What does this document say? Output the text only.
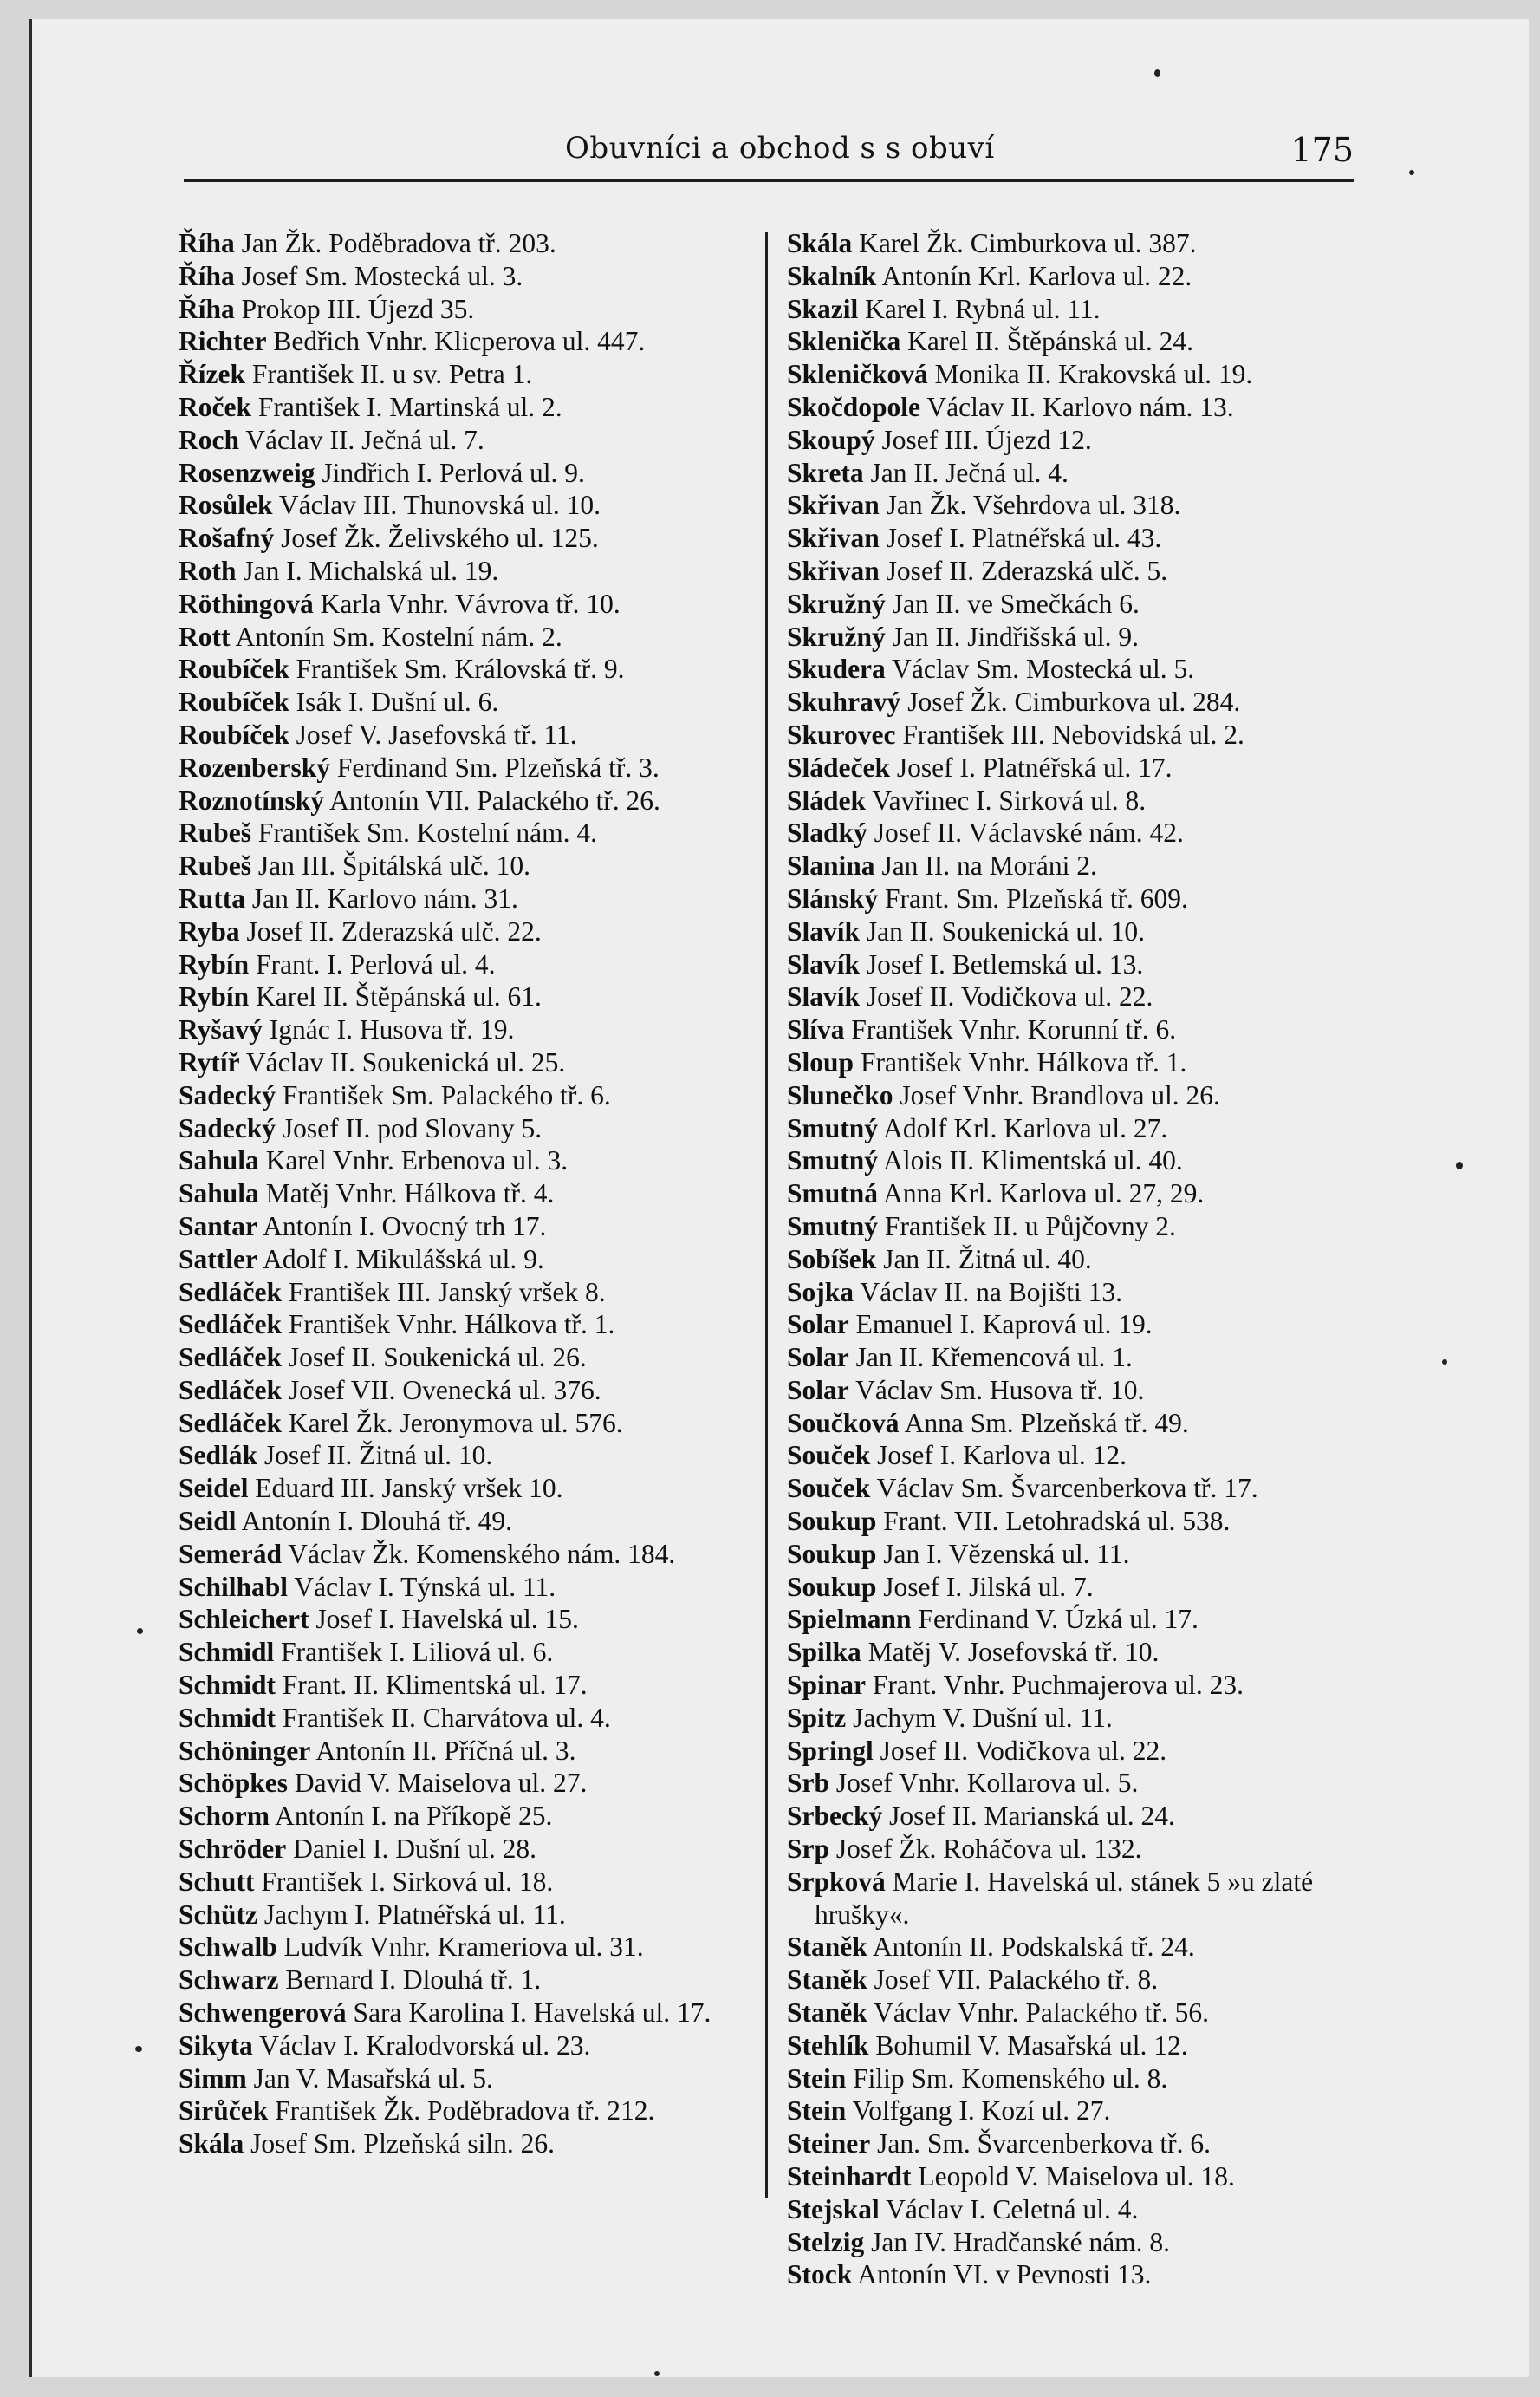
Obuvníci a obchod s s obuví	175
Říha Jan Žk. Poděbradova tř. 203.
Říha Josef Sm. Mostecká ul. 3.
Říha Prokop III. Újezd 35.
Richter Bedřich Vnhr. Klicperova ul. 447.
Řízek František II. u sv. Petra 1.
Roček František I. Martinská ul. 2.
Roch Václav II. Ječná ul. 7.
Rosenzweig Jindřich I. Perlová ul. 9.
Rosůlek Václav III. Thunovská ul. 10.
Rošafný Josef Žk. Želivského ul. 125.
Roth Jan I. Michalská ul. 19.
Röthingová Karla Vnhr. Vávrova tř. 10.
Rott Antonín Sm. Kostelní nám. 2.
Roubíček František Sm. Královská tř. 9.
Roubíček Isák I. Dušní ul. 6.
Roubíček Josef V. Jasefovská tř. 11.
Rozenberský Ferdinand Sm. Plzeňská tř. 3.
Roznotínský Antonín VII. Palackého tř. 26.
Rubeš František Sm. Kostelní nám. 4.
Rubeš Jan III. Špitálská ulč. 10.
Rutta Jan II. Karlovo nám. 31.
Ryba Josef II. Zderazská ulč. 22.
Rybín Frant. I. Perlová ul. 4.
Rybín Karel II. Štěpánská ul. 61.
Ryšavý Ignác I. Husova tř. 19.
Rytíř Václav II. Soukenická ul. 25.
Sadecký František Sm. Palackého tř. 6.
Sadecký Josef II. pod Slovany 5.
Sahula Karel Vnhr. Erbenova ul. 3.
Sahula Matěj Vnhr. Hálkova tř. 4.
Santar Antonín I. Ovocný trh 17.
Sattler Adolf I. Mikulášská ul. 9.
Sedláček František III. Janský vršek 8.
Sedláček František Vnhr. Hálkova tř. 1.
Sedláček Josef II. Soukenická ul. 26.
Sedláček Josef VII. Ovenecká ul. 376.
Sedláček Karel Žk. Jeronymova ul. 576.
Sedlák Josef II. Žitná ul. 10.
Seidel Eduard III. Janský vršek 10.
Seidl Antonín I. Dlouhá tř. 49.
Semerád Václav Žk. Komenského nám. 184.
Schilhabl Václav I. Týnská ul. 11.
Schleichert Josef I. Havelská ul. 15.
Schmidl František I. Liliová ul. 6.
Schmidt Frant. II. Klimentská ul. 17.
Schmidt František II. Charvátova ul. 4.
Schöninger Antonín II. Příčná ul. 3.
Schöpkes David V. Maiselova ul. 27.
Schorm Antonín I. na Příkopě 25.
Schröder Daniel I. Dušní ul. 28.
Schutt František I. Sirková ul. 18.
Schütz Jachym I. Platnéřská ul. 11.
Schwalb Ludvík Vnhr. Krameriova ul. 31.
Schwarz Bernard I. Dlouhá tř. 1.
Schwengerová Sara Karolina I. Havelská ul. 17.
Sikyta Václav I. Kralodvorská ul. 23.
Simm Jan V. Masařská ul. 5.
Sirůček František Žk. Poděbradova tř. 212.
Skála Josef Sm. Plzeňská siln. 26.
Skála Karel Žk. Cimburkova ul. 387.
Skalník Antonín Krl. Karlova ul. 22.
Skazil Karel I. Rybná ul. 11.
Sklenička Karel II. Štěpánská ul. 24.
Skleničková Monika II. Krakovská ul. 19.
Skočdopole Václav II. Karlovo nám. 13.
Skoupý Josef III. Újezd 12.
Skreta Jan II. Ječná ul. 4.
Skřivan Jan Žk. Všehrdova ul. 318.
Skřivan Josef I. Platnéřská ul. 43.
Skřivan Josef II. Zderazská ulč. 5.
Skružný Jan II. ve Smečkách 6.
Skružný Jan II. Jindřišská ul. 9.
Skudera Václav Sm. Mostecká ul. 5.
Skuhravý Josef Žk. Cimburkova ul. 284.
Skurovec František III. Nebovidská ul. 2.
Sládeček Josef I. Platnéřská ul. 17.
Sládek Vavřinec I. Sirková ul. 8.
Sladký Josef II. Václavské nám. 42.
Slanina Jan II. na Moráni 2.
Slánský Frant. Sm. Plzeňská tř. 609.
Slavík Jan II. Soukenická ul. 10.
Slavík Josef I. Betlemská ul. 13.
Slavík Josef II. Vodičkova ul. 22.
Slíva František Vnhr. Korunní tř. 6.
Sloup František Vnhr. Hálkova tř. 1.
Slunečko Josef Vnhr. Brandlova ul. 26.
Smutný Adolf Krl. Karlova ul. 27.
Smutný Alois II. Klimentská ul. 40.
Smutná Anna Krl. Karlova ul. 27, 29.
Smutný František II. u Půjčovny 2.
Sobíšek Jan II. Žitná ul. 40.
Sojka Václav II. na Bojišti 13.
Solar Emanuel I. Kaprová ul. 19.
Solar Jan II. Křemencová ul. 1.
Solar Václav Sm. Husova tř. 10.
Součková Anna Sm. Plzeňská tř. 49.
Souček Josef I. Karlova ul. 12.
Souček Václav Sm. Švarcenberkova tř. 17.
Soukup Frant. VII. Letohradská ul. 538.
Soukup Jan I. Vězenská ul. 11.
Soukup Josef I. Jilská ul. 7.
Spielmann Ferdinand V. Úzká ul. 17.
Spilka Matěj V. Josefovská tř. 10.
Spinar Frant. Vnhr. Puchmajerova ul. 23.
Spitz Jachym V. Dušní ul. 11.
Springl Josef II. Vodičkova ul. 22.
Srb Josef Vnhr. Kollarova ul. 5.
Srbecký Josef II. Marianská ul. 24.
Srp Josef Žk. Roháčova ul. 132.
Srpková Marie I. Havelská ul. stánek 5 »u zlaté hrušky«.
Staněk Antonín II. Podskalská tř. 24.
Staněk Josef VII. Palackého tř. 8.
Staněk Václav Vnhr. Palackého tř. 56.
Stehlík Bohumil V. Masařská ul. 12.
Stein Filip Sm. Komenského ul. 8.
Stein Volfgang I. Kozí ul. 27.
Steiner Jan. Sm. Švarcenberkova tř. 6.
Steinhardt Leopold V. Maiselova ul. 18.
Stejskal Václav I. Celetná ul. 4.
Stelzig Jan IV. Hradčanské nám. 8.
Stock Antonín VI. v Pevnosti 13.
